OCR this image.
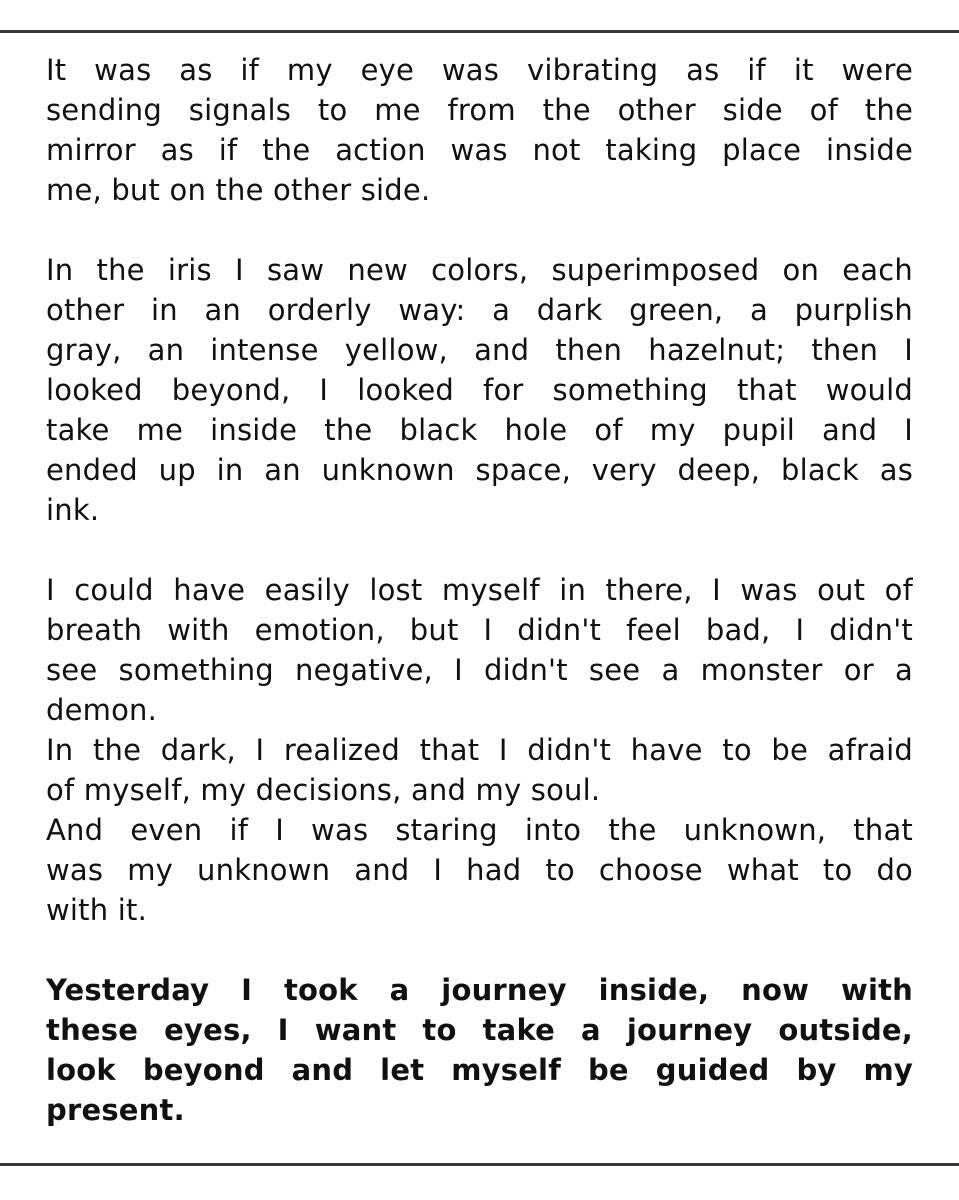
It was as if my eye was vibrating as if it were
sending signals to me from the other side of the
mirror as if the action was not taking place inside
me, but on the other side.
In the iris I saw new colors, superimposed on each
other in an orderly way: a dark green, a purplish
gray, an intense yellow, and then hazelnut; then I
looked beyond, I looked for something that would
take me inside the black hole of my pupil and I
ended up in an unknown space, very deep, black as
ink.
I could have easily lost myself in there, I was out of
breath with emotion, but I didn't feel bad, I didn't
see something negative, I didn't see a monster or a
demon.
In the dark, I realized that I didn't have to be afraid
of myself, my decisions, and my soul.
And even if I was staring into the unknown, that
was my unknown and I had to choose what to do
with it.
Yesterday I took a journey inside, now with
these eyes, I want to take a journey outside,
look beyond and let myself be guided by my
present.
